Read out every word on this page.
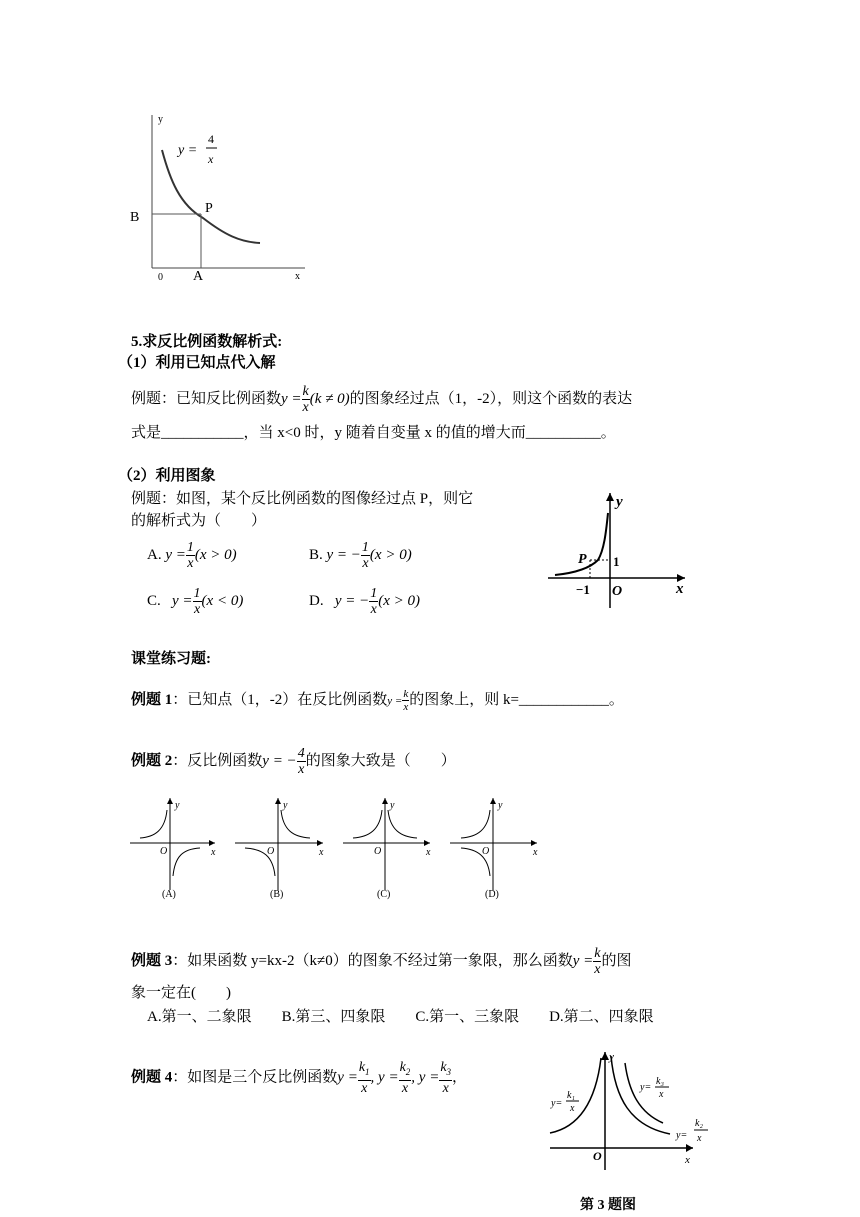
y
x
0 A
B
P
y =
4
x
5.求反比例函数解析式:
（1）利用已知点代入解
例题：已知反比例函数$y = \frac{k}{x} (k \ne 0)$的图象经过点（1，-2），则这个函数的表达
式是___________，当 x<0 时，y 随着自变量 x 的值的增大而__________。
（2）利用图象
例题：如图，某个反比例函数的图像经过点 P，则它
的解析式为（　　）
A. $y = \frac{1}{x} (x > 0)$	B. y = − $\frac{1}{x} (x > 0)$
C.   $y = \frac{1}{x} (x < 0)$	D.   y = − $\frac{1}{x} (x > 0)$
y
x
O
P 1
−1
课堂练习题:
例题 1：已知点（1，-2）在反比例函数$y = \frac{k}{x}$ 的图象上，则 k=____________。
例题 2：反比例函数y = − $\frac{4}{x}$ 的图象大致是（　　）
y
x
O
y
x
O
y
x
O
y
x
O
(A)	(B)	(C)	(D)
例题 3：如果函数 y=kx-2（k≠0）的图象不经过第一象限，那么函数$y = \frac{k}{x}$ 的图
象一定在(　　)
A.第一、二象限　　B.第三、四象限　　C.第一、三象限　　D.第二、四象限
例题 4：如图是三个反比例函数$y = \frac{k_1}{x}$ , $y = \frac{k_2}{x}$ , $y = \frac{k_3}{x}$ ，
y
x
O
y=
k₁
x
y=
k₃
x
y=
k₂
x
第 3 题图
